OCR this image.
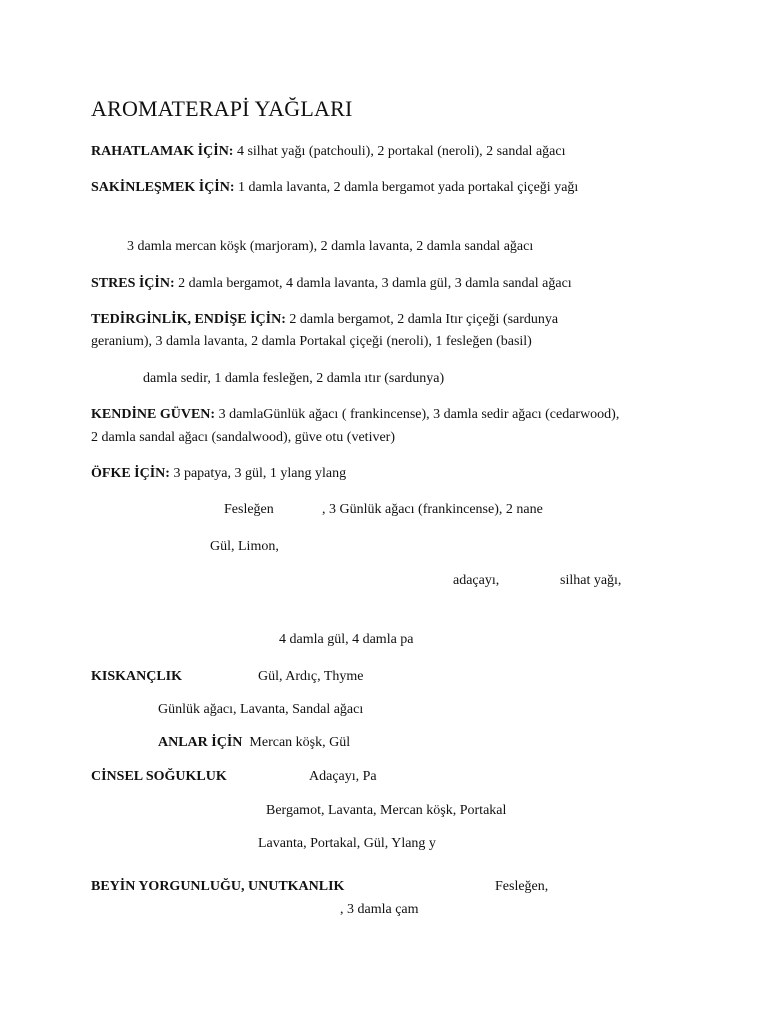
AROMATERAPİ YAĞLARI
RAHATLAMAK İÇİN: 4 silhat yağı (patchouli), 2 portakal (neroli), 2 sandal ağacı
SAKİNLEŞMEK İÇİN: 1 damla lavanta, 2 damla bergamot yada portakal çiçeği yağı
3 damla mercan köşk (marjoram), 2 damla lavanta, 2 damla sandal ağacı
STRES İÇİN: 2 damla bergamot, 4 damla lavanta, 3 damla gül, 3 damla sandal ağacı
TEDİRGİNLİK, ENDİŞE İÇİN: 2 damla bergamot, 2 damla Itır çiçeği (sardunya
geranium), 3 damla lavanta, 2 damla Portakal çiçeği (neroli), 1 fesleğen (basil)
damla sedir, 1 damla fesleğen, 2 damla ıtır (sardunya)
KENDİNE GÜVEN: 3 damlaGünlük ağacı ( frankincense), 3 damla sedir ağacı (cedarwood),
2 damla sandal ağacı (sandalwood), güve otu (vetiver)
ÖFKE İÇİN: 3 papatya, 3 gül, 1 ylang ylang
Fesleğen	, 3 Günlük ağacı (frankincense), 2 nane
Gül, Limon,
adaçayı,	silhat yağı,
4 damla gül, 4 damla pa
KISKANÇLIK	Gül, Ardıç, Thyme
Günlük ağacı, Lavanta, Sandal ağacı
ANLAR İÇİN Mercan köşk, Gül
CİNSEL SOĞUKLUK	Adaçayı, Pa
Bergamot, Lavanta, Mercan köşk, Portakal
Lavanta, Portakal, Gül, Ylang y
BEYİN YORGUNLUĞU, UNUTKANLIK	Fesleğen,
, 3 damla çam
